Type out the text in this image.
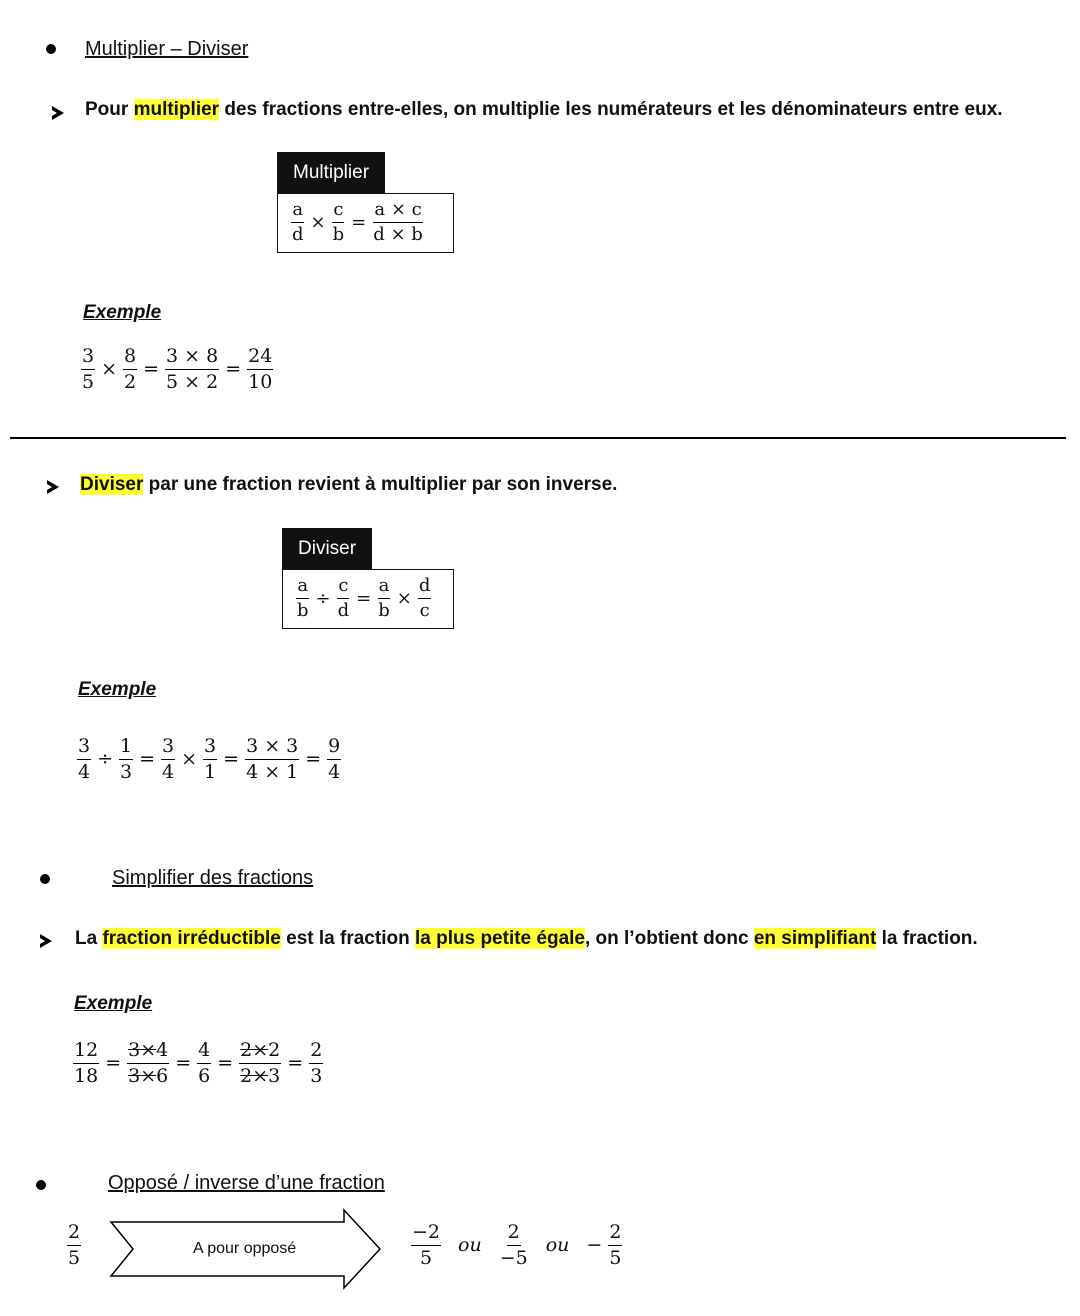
Multiplier – Diviser
Pour multiplier des fractions entre-elles, on multiplie les numérateurs et les dénominateurs entre eux.
Multiplier
$\frac{a}{d} \times \frac{c}{b} = \frac{a \times c}{d \times b}$
Exemple
$\frac{3}{5} \times \frac{8}{2} = \frac{3 \times 8}{5 \times 2} = \frac{24}{10}$
Diviser par une fraction revient à multiplier par son inverse.
Diviser
$\frac{a}{b} \div \frac{c}{d} = \frac{a}{b} \times \frac{d}{c}$
Exemple
$\frac{3}{4} \div \frac{1}{3} = \frac{3}{4} \times \frac{3}{1} = \frac{3 \times 3}{4 \times 1} = \frac{9}{4}$
Simplifier des fractions
La fraction irréductible est la fraction la plus petite égale, on l’obtient donc en simplifiant la fraction.
Exemple
$\frac{12}{18} = \frac{3\times 4}{3\times 6} = \frac{4}{6} = \frac{2\times 2}{2\times 3} = \frac{2}{3}$
Opposé / inverse d’une fraction
$\frac{2}{5}$	A pour opposé	$\frac{-2}{5}$ ou $\frac{2}{-5}$ ou − $\frac{2}{5}$
